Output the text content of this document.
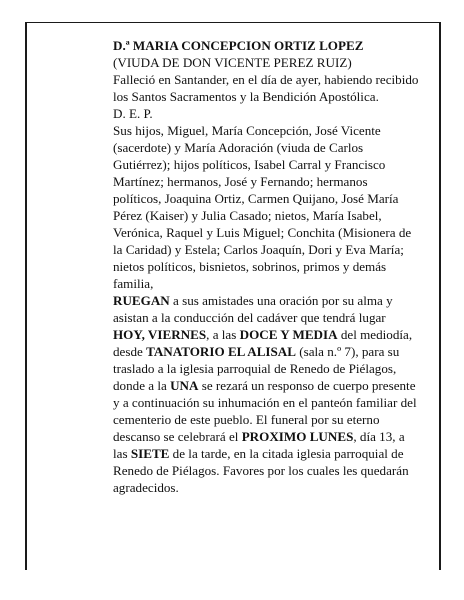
D.ª MARIA CONCEPCION ORTIZ LOPEZ

(VIUDA DE DON VICENTE PEREZ RUIZ)

Falleció en Santander, en el día de ayer, habiendo recibido los Santos Sacramentos y la Bendición Apostólica.

D. E. P.

Sus hijos, Miguel, María Concepción, José Vicente (sacerdote) y María Adoración (viuda de Carlos Gutiérrez); hijos políticos, Isabel Carral y Francisco Martínez; hermanos, José y Fernando; hermanos políticos, Joaquina Ortiz, Carmen Quijano, José María Pérez (Kaiser) y Julia Casado; nietos, María Isabel, Verónica, Raquel y Luis Miguel; Conchita (Misionera de la Caridad) y Estela; Carlos Joaquín, Dori y Eva María; nietos políticos, bisnietos, sobrinos, primos y demás familia,

RUEGAN a sus amistades una oración por su alma y asistan a la conducción del cadáver que tendrá lugar HOY, VIERNES, a las DOCE Y MEDIA del mediodía, desde TANATORIO EL ALISAL (sala n.º 7), para su traslado a la iglesia parroquial de Renedo de Piélagos, donde a la UNA se rezará un responso de cuerpo presente y a continuación su inhumación en el panteón familiar del cementerio de este pueblo. El funeral por su eterno descanso se celebrará el PROXIMO LUNES, día 13, a las SIETE de la tarde, en la citada iglesia parroquial de Renedo de Piélagos. Favores por los cuales les quedarán agradecidos.
